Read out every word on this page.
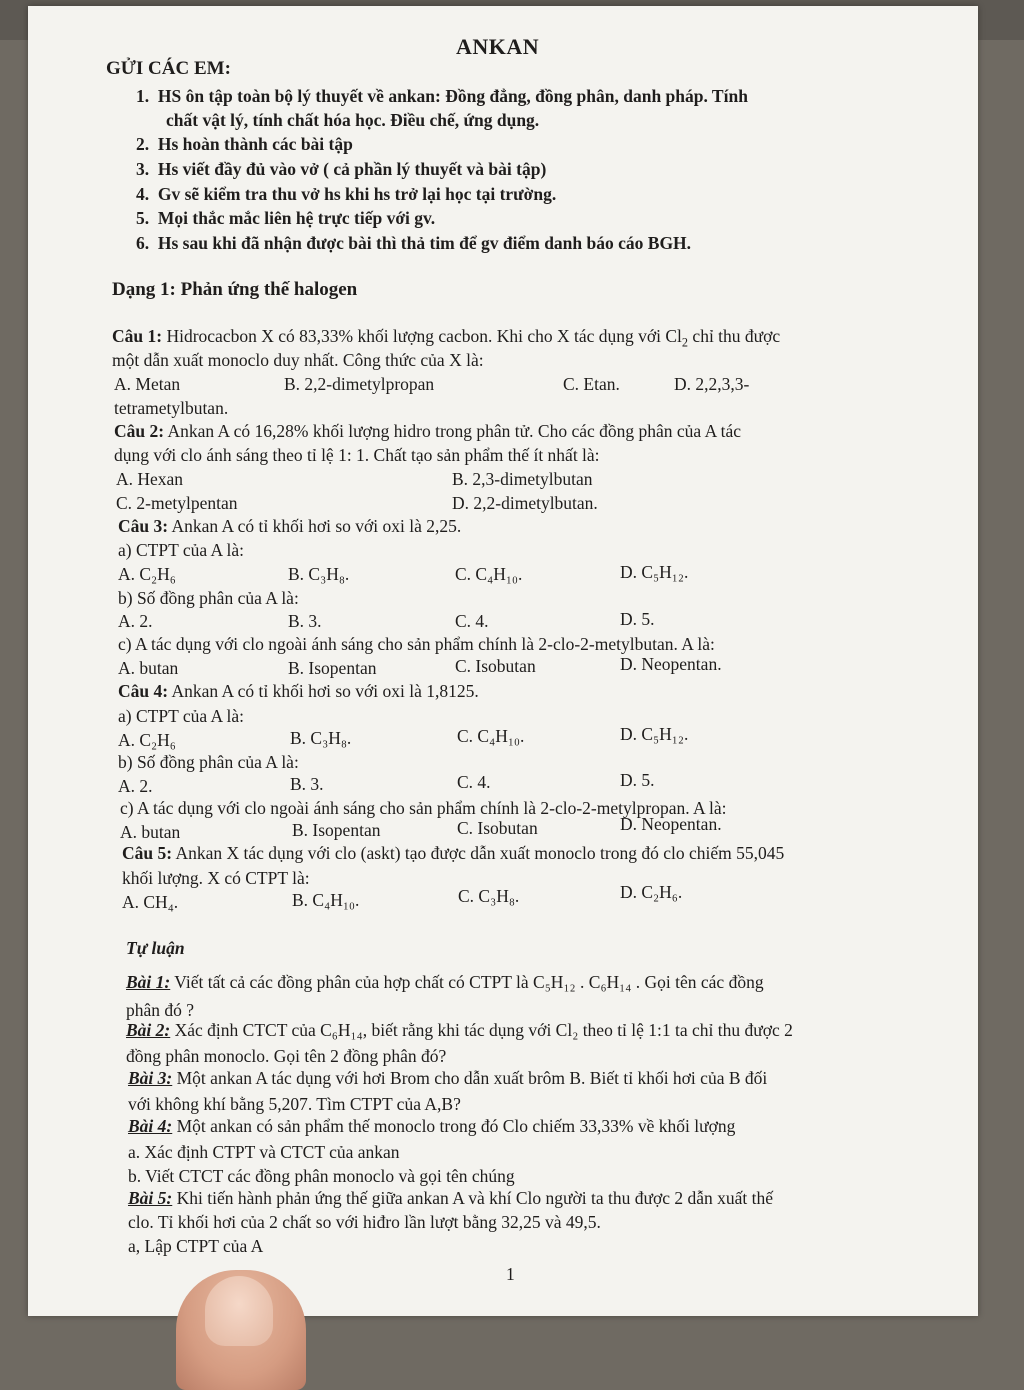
ANKAN
GỬI CÁC EM:
1. HS ôn tập toàn bộ lý thuyết về ankan: Đồng đẳng, đồng phân, danh pháp. Tính
chất vật lý, tính chất hóa học. Điều chế, ứng dụng.
2. Hs hoàn thành các bài tập
3. Hs viết đầy đủ vào vở ( cả phần lý thuyết và bài tập)
4. Gv sẽ kiểm tra thu vở hs khi hs trở lại học tại trường.
5. Mọi thắc mắc liên hệ trực tiếp với gv.
6. Hs sau khi đã nhận được bài thì thả tim để gv điểm danh báo cáo BGH.
Dạng 1: Phản ứng thế halogen
Câu 1: Hidrocacbon X có 83,33% khối lượng cacbon. Khi cho X tác dụng với $Cl_2$ chỉ thu được
một dẫn xuất monoclo duy nhất. Công thức của X là:
A. Metan	B. 2,2-dimetylpropan	C. Etan.	D. 2,2,3,3-
tetrametylbutan.
Câu 2: Ankan A có 16,28% khối lượng hidro trong phân tử. Cho các đồng phân của A tác
dụng với clo ánh sáng theo tỉ lệ 1: 1. Chất tạo sản phẩm thế ít nhất là:
A. Hexan	B. 2,3-dimetylbutan
C. 2-metylpentan	D. 2,2-dimetylbutan.
Câu 3: Ankan A có tỉ khối hơi so với oxi là 2,25.
a) CTPT của A là:
A. C₂H₆	B. C₃H₈.	C. C₄H₁₀.	D. C₅H₁₂.
b) Số đồng phân của A là:
A. 2.	B. 3.	C. 4.	D. 5.
c) A tác dụng với clo ngoài ánh sáng cho sản phẩm chính là 2-clo-2-metylbutan. A là:
A. butan	B. Isopentan	C. Isobutan	D. Neopentan.
Câu 4: Ankan A có tỉ khối hơi so với oxi là 1,8125.
a) CTPT của A là:
A. C₂H₆	B. C₃H₈.	C. C₄H₁₀.	D. C₅H₁₂.
b) Số đồng phân của A là:
A. 2.	B. 3.	C. 4.	D. 5.
c) A tác dụng với clo ngoài ánh sáng cho sản phẩm chính là 2-clo-2-metylpropan. A là:
A. butan	B. Isopentan	C. Isobutan	D. Neopentan.
Câu 5: Ankan X tác dụng với clo (askt) tạo được dẫn xuất monoclo trong đó clo chiếm 55,045
khối lượng. X có CTPT là:
A. CH₄.	B. C₄H₁₀.	C. C₃H₈.	D. C₂H₆.
Tự luận
Bài 1: Viết tất cả các đồng phân của hợp chất có CTPT là C₅H₁₂ . C₆H₁₄ . Gọi tên các đồng
phân đó ?
Bài 2: Xác định CTCT của C₆H₁₄, biết rằng khi tác dụng với Cl₂ theo tỉ lệ 1:1 ta chỉ thu được 2
đồng phân monoclo. Gọi tên 2 đồng phân đó?
Bài 3: Một ankan A tác dụng với hơi Brom cho dẫn xuất brôm B. Biết tỉ khối hơi của B đối
với không khí bằng 5,207. Tìm CTPT của A,B?
Bài 4: Một ankan có sản phẩm thế monoclo trong đó Clo chiếm 33,33% về khối lượng
a. Xác định CTPT và CTCT của ankan
b. Viết CTCT các đồng phân monoclo và gọi tên chúng
Bài 5: Khi tiến hành phản ứng thế giữa ankan A và khí Clo người ta thu được 2 dẫn xuất thế
clo. Tỉ khối hơi của 2 chất so với hiđro lần lượt bằng 32,25 và 49,5.
a, Lập CTPT của A
1
